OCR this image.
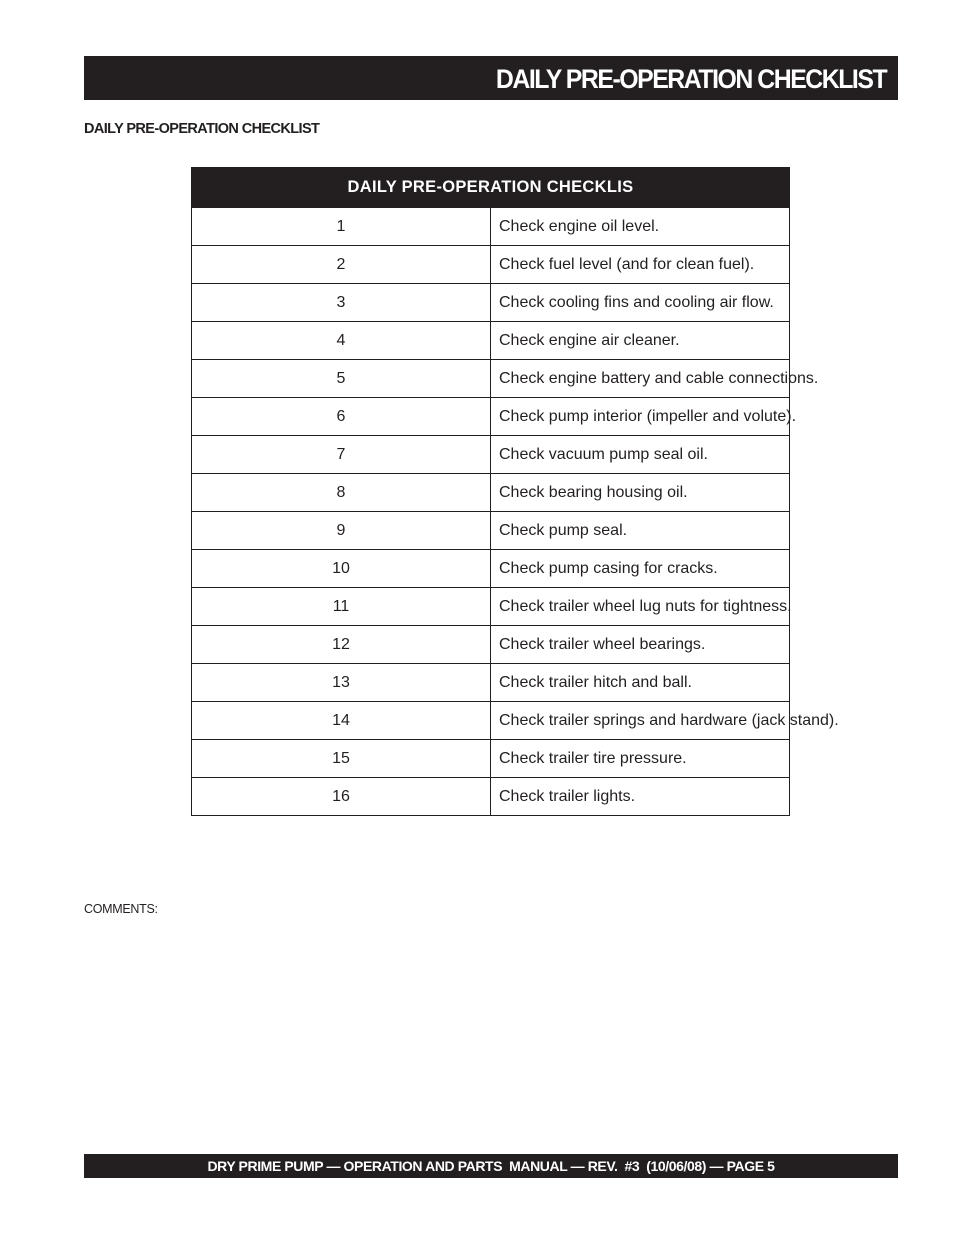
DAILY PRE-OPERATION CHECKLIST
DAILY PRE-OPERATION CHECKLIST
DAILY PRE-OPERATION CHECKLIS	
1	Check engine oil level.
2	Check fuel level (and for clean fuel).
3	Check cooling fins and cooling air flow.
4	Check engine air cleaner.
5	Check engine battery and cable connections.
6	Check pump interior (impeller and volute).
7	Check vacuum pump seal oil.
8	Check bearing housing oil.
9	Check pump seal.
10	Check pump casing for cracks.
11	Check trailer wheel lug nuts for tightness.
12	Check trailer wheel bearings.
13	Check trailer hitch and ball.
14	Check trailer springs and hardware (jack stand).
15	Check trailer tire pressure.
16	Check trailer lights.
COMMENTS:
DRY PRIME PUMP — OPERATION AND PARTS  MANUAL — REV.  #3  (10/06/08) — PAGE 5
